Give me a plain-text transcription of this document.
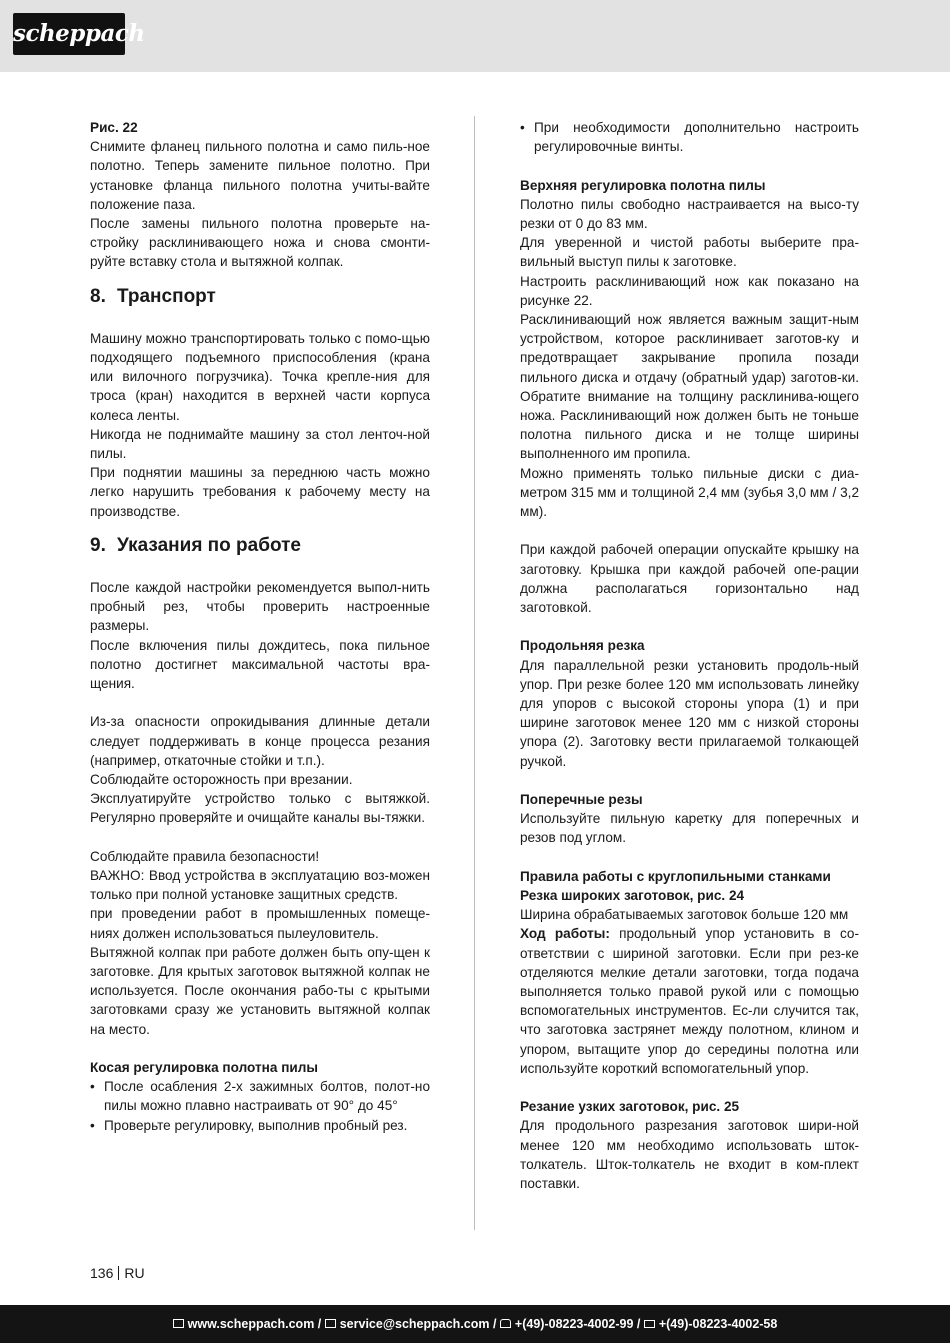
scheppach

Рис. 22

Снимите фланец пильного полотна и само пиль-ное полотно. Теперь замените пильное полотно. При установке фланца пильного полотна учиты-вайте положение паза.

После замены пильного полотна проверьте на-стройку расклинивающего ножа и снова смонти-руйте вставку стола и вытяжной колпак.

8. Транспорт

Машину можно транспортировать только с помо-щью подходящего подъемного приспособления (крана или вилочного погрузчика). Точка крепле-ния для троса (кран) находится в верхней части корпуса колеса ленты.

Никогда не поднимайте машину за стол ленточ-ной пилы.

При поднятии машины за переднюю часть можно легко нарушить требования к рабочему месту на производстве.

9. Указания по работе

После каждой настройки рекомендуется выпол-нить пробный рез, чтобы проверить настроенные размеры.

После включения пилы дождитесь, пока пильное полотно достигнет максимальной частоты вра-щения.

Из-за опасности опрокидывания длинные детали следует поддерживать в конце процесса резания (например, откаточные стойки и т.п.).

Соблюдайте осторожность при врезании.

Эксплуатируйте устройство только с вытяжкой. Регулярно проверяйте и очищайте каналы вы-тяжки.

Соблюдайте правила безопасности!

ВАЖНО: Ввод устройства в эксплуатацию воз-можен только при полной установке защитных средств.

при проведении работ в промышленных помеще-ниях должен использоваться пылеуловитель.

Вытяжной колпак при работе должен быть опу-щен к заготовке. Для крытых заготовок вытяжной колпак не используется. После окончания рабо-ты с крытыми заготовками сразу же установить вытяжной колпак на место.

Косая регулировка полотна пилы

• После осабления 2-х зажимных болтов, полот-но пилы можно плавно настраивать от 90° до 45°
• Проверьте регулировку, выполнив пробный рез.
• При необходимости дополнительно настроить регулировочные винты.

Верхняя регулировка полотна пилы

Полотно пилы свободно настраивается на высо-ту резки от 0 до 83 мм.

Для уверенной и чистой работы выберите пра-вильный выступ пилы к заготовке.

Настроить расклинивающий нож как показано на рисунке 22.

Расклинивающий нож является важным защит-ным устройством, которое расклинивает заготов-ку и предотвращает закрывание пропила позади пильного диска и отдачу (обратный удар) заготов-ки. Обратите внимание на толщину расклинива-ющего ножа. Расклинивающий нож должен быть не тоньше полотна пильного диска и не толще ширины выполненного им пропила.

Можно применять только пильные диски с диа-метром 315 мм и толщиной 2,4 мм (зубья 3,0 мм / 3,2 мм).

При каждой рабочей операции опускайте крышку на заготовку. Крышка при каждой рабочей опе-рации должна располагаться горизонтально над заготовкой.

Продольняя резка

Для параллельной резки установить продоль-ный упор. При резке более 120 мм использовать линейку для упоров с высокой стороны упора (1) и при ширине заготовок менее 120 мм с низкой стороны упора (2). Заготовку вести прилагаемой толкающей ручкой.

Поперечные резы

Используйте пильную каретку для поперечных и резов под углом.

Правила работы с круглопильными станками

Резка широких заготовок, рис. 24

Ширина обрабатываемых заготовок больше 120 мм

Ход работы: продольный упор установить в со-ответствии с шириной заготовки. Если при рез-ке отделяются мелкие детали заготовки, тогда подача выполняется только правой рукой или с помощью вспомогательных инструментов. Ес-ли случится так, что заготовка застрянет между полотном, клином и упором, вытащите упор до середины полотна или используйте короткий вспомогательный упор.

Резание узких заготовок, рис. 25

Для продольного разрезания заготовок шири-ной менее 120 мм необходимо использовать шток-толкатель. Шток-толкатель не входит в ком-плект поставки.

136 RU
www.scheppach.com / service@scheppach.com / +(49)-08223-4002-99 / +(49)-08223-4002-58
